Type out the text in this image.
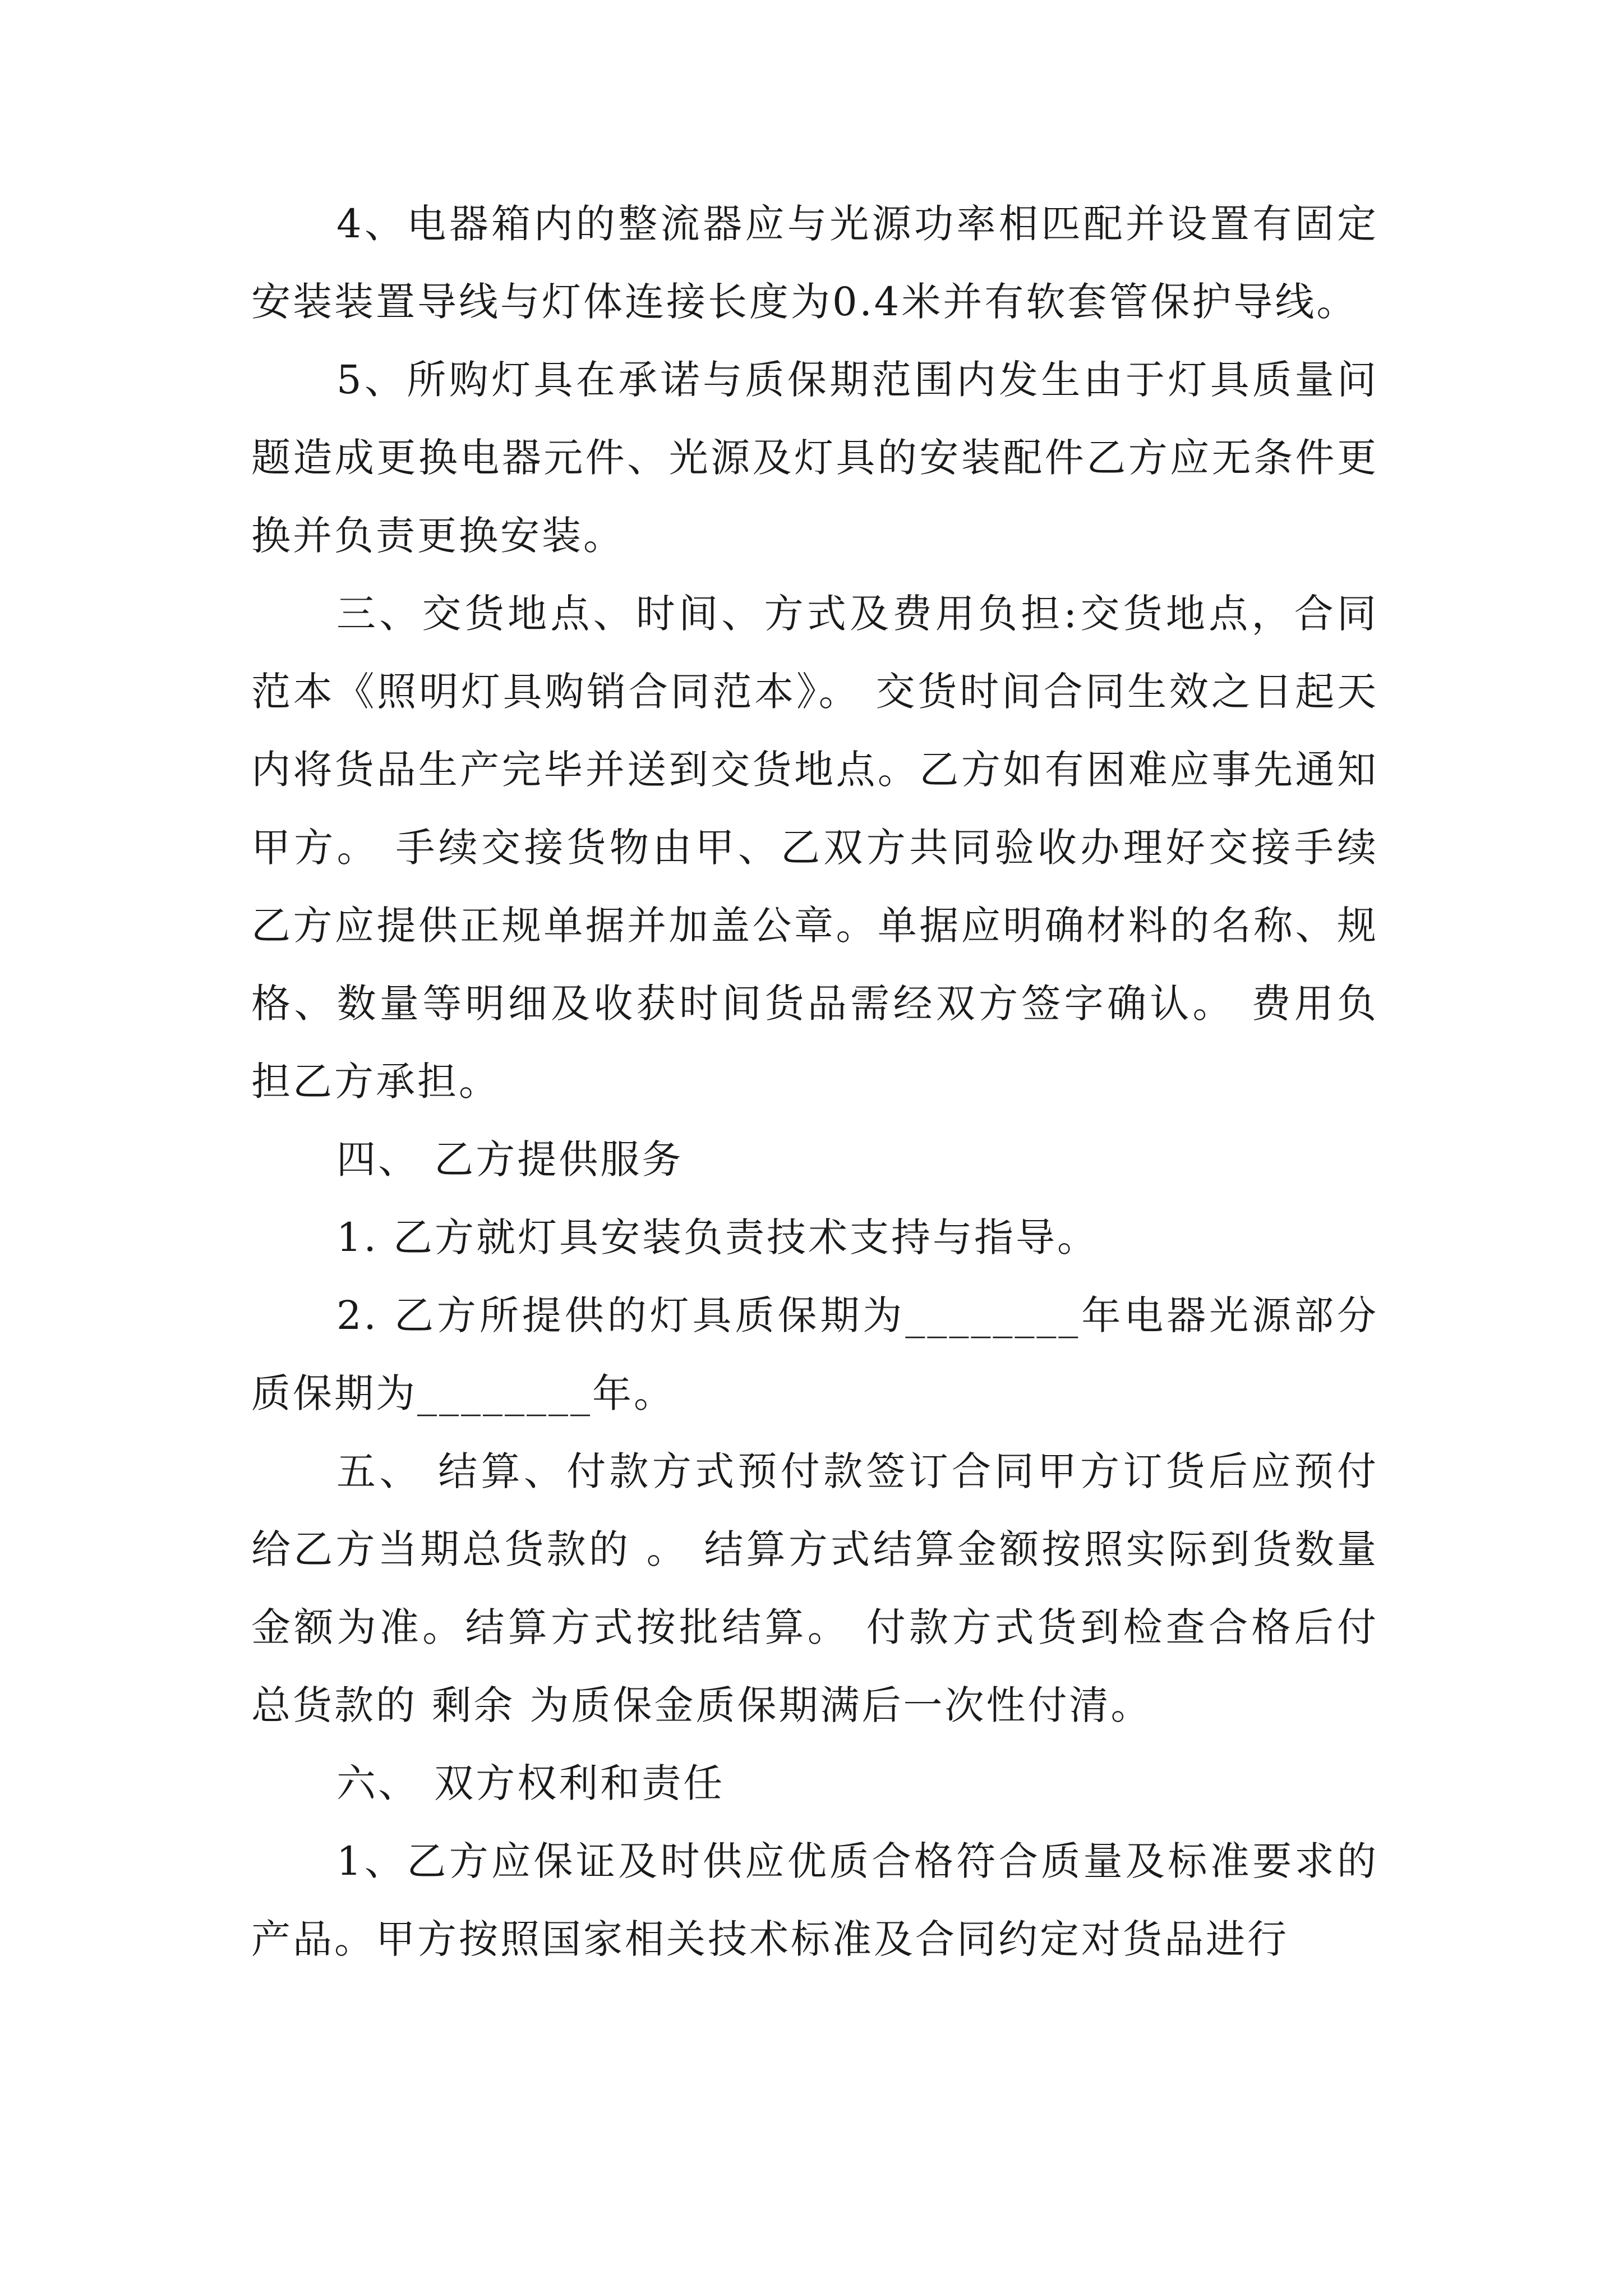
4、电器箱内的整流器应与光源功率相匹配并设置有固定安装装置导线与灯体连接长度为0.4米并有软套管保护导线。

5、所购灯具在承诺与质保期范围内发生由于灯具质量问题造成更换电器元件、光源及灯具的安装配件乙方应无条件更换并负责更换安装。

三、交货地点、时间、方式及费用负担:交货地点，合同范本《照明灯具购销合同范本》。 交货时间合同生效之日起天内将货品生产完毕并送到交货地点。乙方如有困难应事先通知甲方。 手续交接货物由甲、乙双方共同验收办理好交接手续乙方应提供正规单据并加盖公章。单据应明确材料的名称、规格、数量等明细及收获时间货品需经双方签字确认。 费用负担乙方承担。

四、 乙方提供服务

1. 乙方就灯具安装负责技术支持与指导。

2. 乙方所提供的灯具质保期为________年电器光源部分质保期为________年。

五、 结算、付款方式预付款签订合同甲方订货后应预付给乙方当期总货款的 。 结算方式结算金额按照实际到货数量金额为准。结算方式按批结算。 付款方式货到检查合格后付总货款的 剩余 为质保金质保期满后一次性付清。

六、 双方权利和责任

1、乙方应保证及时供应优质合格符合质量及标准要求的产品。甲方按照国家相关技术标准及合同约定对货品进行
